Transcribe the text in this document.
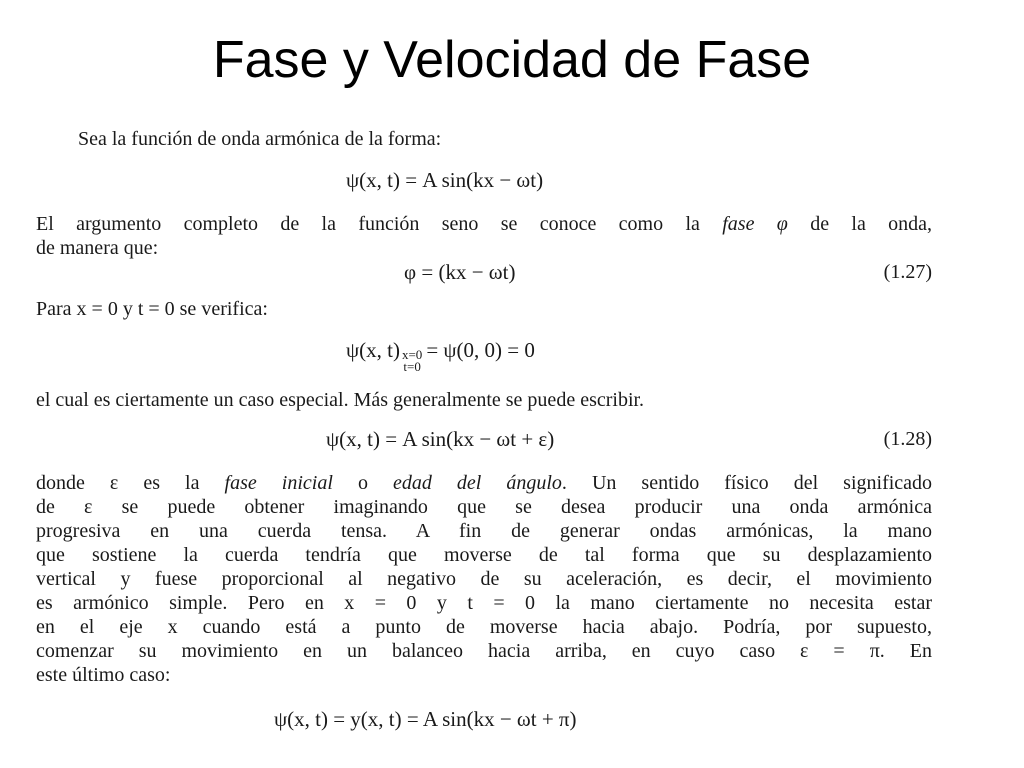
Fase y Velocidad de Fase
Sea la función de onda armónica de la forma:
ψ(x, t) = A sin(kx − ωt)
El argumento completo de la función seno se conoce como la fase φ de la onda,
de manera que:
φ = (kx − ωt)	(1.27)
Para x = 0 y t = 0 se verifica:
ψ(x, t) x=0
t=0
= ψ(0, 0) = 0
el cual es ciertamente un caso especial. Más generalmente se puede escribir.
ψ(x, t) = A sin(kx − ωt + ε)	(1.28)
donde ε es la fase inicial o edad del ángulo. Un sentido físico del significado
de ε se puede obtener imaginando que se desea producir una onda armónica
progresiva en una cuerda tensa. A fin de generar ondas armónicas, la mano
que sostiene la cuerda tendría que moverse de tal forma que su desplazamiento
vertical y fuese proporcional al negativo de su aceleración, es decir, el movimiento
es armónico simple. Pero en x = 0 y t = 0 la mano ciertamente no necesita estar
en el eje x cuando está a punto de moverse hacia abajo. Podría, por supuesto,
comenzar su movimiento en un balanceo hacia arriba, en cuyo caso ε = π. En
este último caso:
ψ(x, t) = y(x, t) = A sin(kx − ωt + π)
